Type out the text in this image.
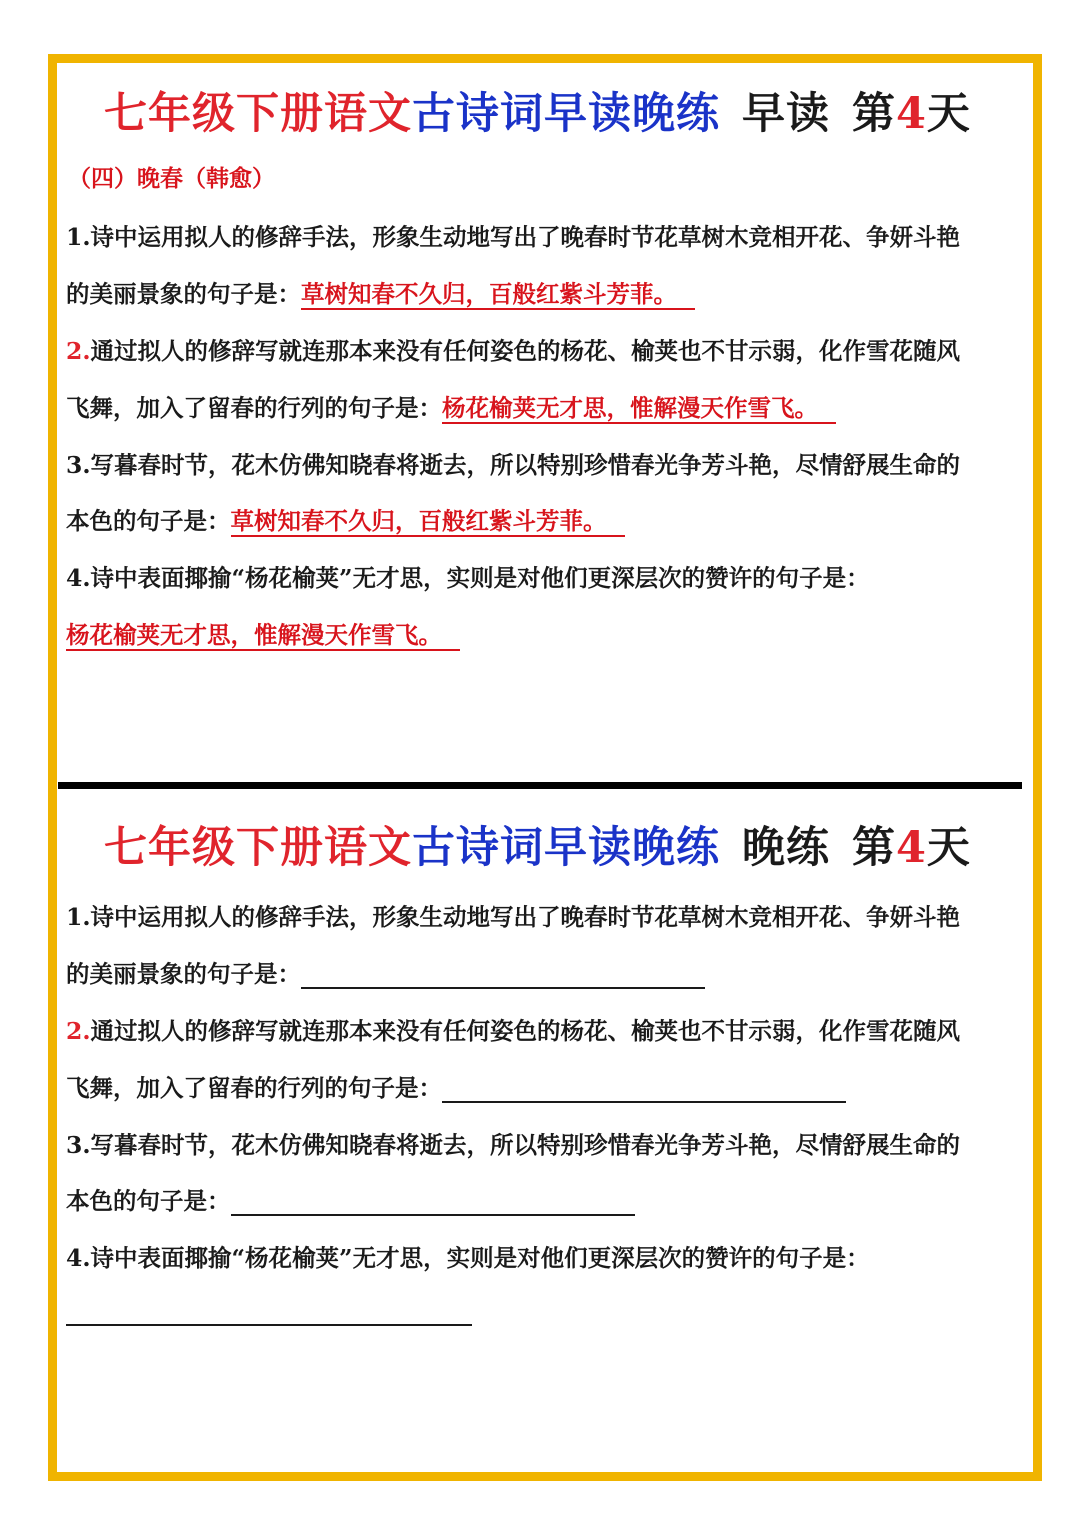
七年级下册语文古诗词早读晚练 早读 第4天
（四）晚春（韩愈）
1.诗中运用拟人的修辞手法，形象生动地写出了晚春时节花草树木竞相开花、争妍斗艳
的美丽景象的句子是：草树知春不久归，百般红紫斗芳菲。
2.通过拟人的修辞写就连那本来没有任何姿色的杨花、榆荚也不甘示弱，化作雪花随风
飞舞，加入了留春的行列的句子是：杨花榆荚无才思，惟解漫天作雪飞。
3.写暮春时节，花木仿佛知晓春将逝去，所以特别珍惜春光争芳斗艳，尽情舒展生命的
本色的句子是：草树知春不久归，百般红紫斗芳菲。
4.诗中表面揶揄“杨花榆荚”无才思，实则是对他们更深层次的赞许的句子是：
杨花榆荚无才思，惟解漫天作雪飞。
七年级下册语文古诗词早读晚练 晚练 第4天
1.诗中运用拟人的修辞手法，形象生动地写出了晚春时节花草树木竞相开花、争妍斗艳
的美丽景象的句子是：
2.通过拟人的修辞写就连那本来没有任何姿色的杨花、榆荚也不甘示弱，化作雪花随风
飞舞，加入了留春的行列的句子是：
3.写暮春时节，花木仿佛知晓春将逝去，所以特别珍惜春光争芳斗艳，尽情舒展生命的
本色的句子是：
4.诗中表面揶揄“杨花榆荚”无才思，实则是对他们更深层次的赞许的句子是：
